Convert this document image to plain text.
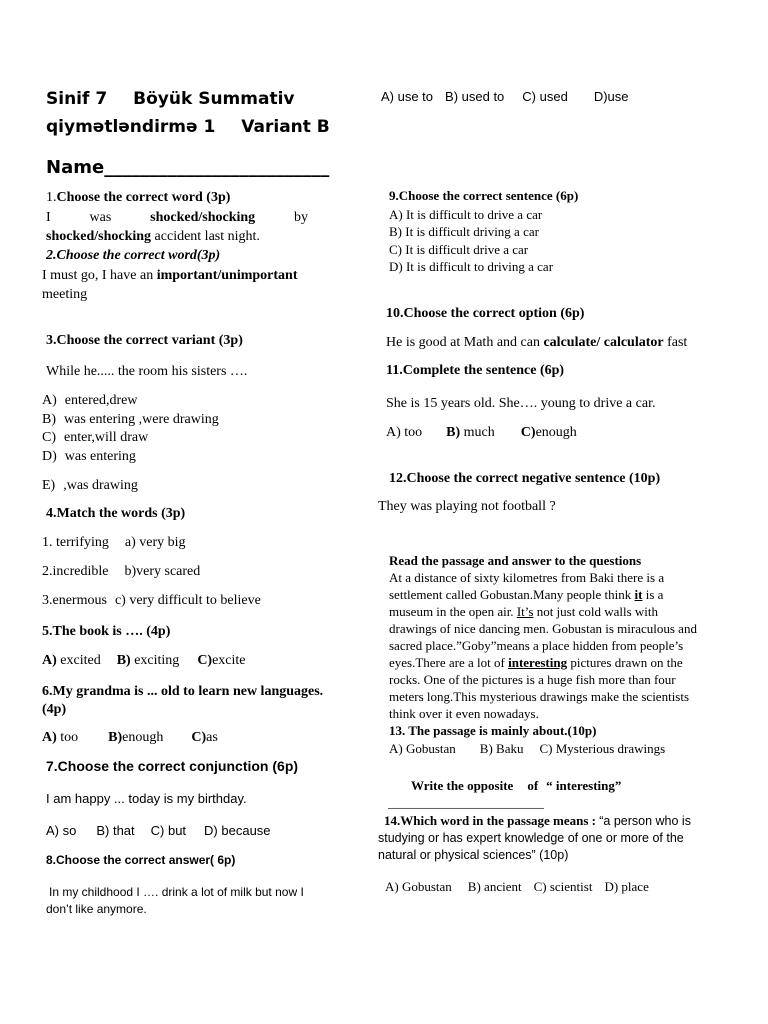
Sinif 7 Böyük Summativ
qiymətləndirmə 1 Variant B
Name_________________________
1.Choose the correct word (3p)
I	was	shocked/shocking	by
shocked/shocking accident last night.
2.Choose the correct word(3p)
I must go, I have an important/unimportant
meeting
3.Choose the correct variant (3p)
While he..... the room his sisters ….
A) entered,drew
B) was entering ,were drawing
C) enter,will draw
D) was entering
E) ,was drawing
4.Match the words (3p)
1. terrifying a) very big
2.incredible b)very scared
3.enermous c) very difficult to believe
5.The book is …. (4p)
A) excited B) exciting C)excite
6.My grandma is ... old to learn new languages.
(4p)
A) too B)enough C)as
7.Choose the correct conjunction (6p)
I am happy ... today is my birthday.
A) so B) that C) but D) because
8.Choose the correct answer( 6p)
In my childhood I …. drink a lot of milk but now I
don’t like anymore.
A) use to B) used to C) used D)use
9.Choose the correct sentence (6p)
A) It is difficult to drive a car
B) It is difficult driving a car
C) It is difficult drive a car
D) It is difficult to driving a car
10.Choose the correct option (6p)
He is good at Math and can calculate/ calculator fast
11.Complete the sentence (6p)
She is 15 years old. She…. young to drive a car.
A) too B) much C)enough
12.Choose the correct negative sentence (10p)
They was playing not football ?
Read the passage and answer to the questions
At a distance of sixty kilometres from Baki there is a
settlement called Gobustan.Many people think it is a
museum in the open air. It’s not just cold walls with
drawings of nice dancing men. Gobustan is miraculous and
sacred place.”Goby”means a place hidden from people’s
eyes.There are a lot of interesting pictures drawn on the
rocks. One of the pictures is a huge fish more than four
meters long.This mysterious drawings make the scientists
think over it even nowadays.
13. The passage is mainly about.(10p)
A) Gobustan B) Baku C) Mysterious drawings
Write the opposite of “ interesting”
________________________
14.Which word in the passage means : “a person who is
studying or has expert knowledge of one or more of the
natural or physical sciences” (10p)
A) Gobustan B) ancient C) scientist D) place
